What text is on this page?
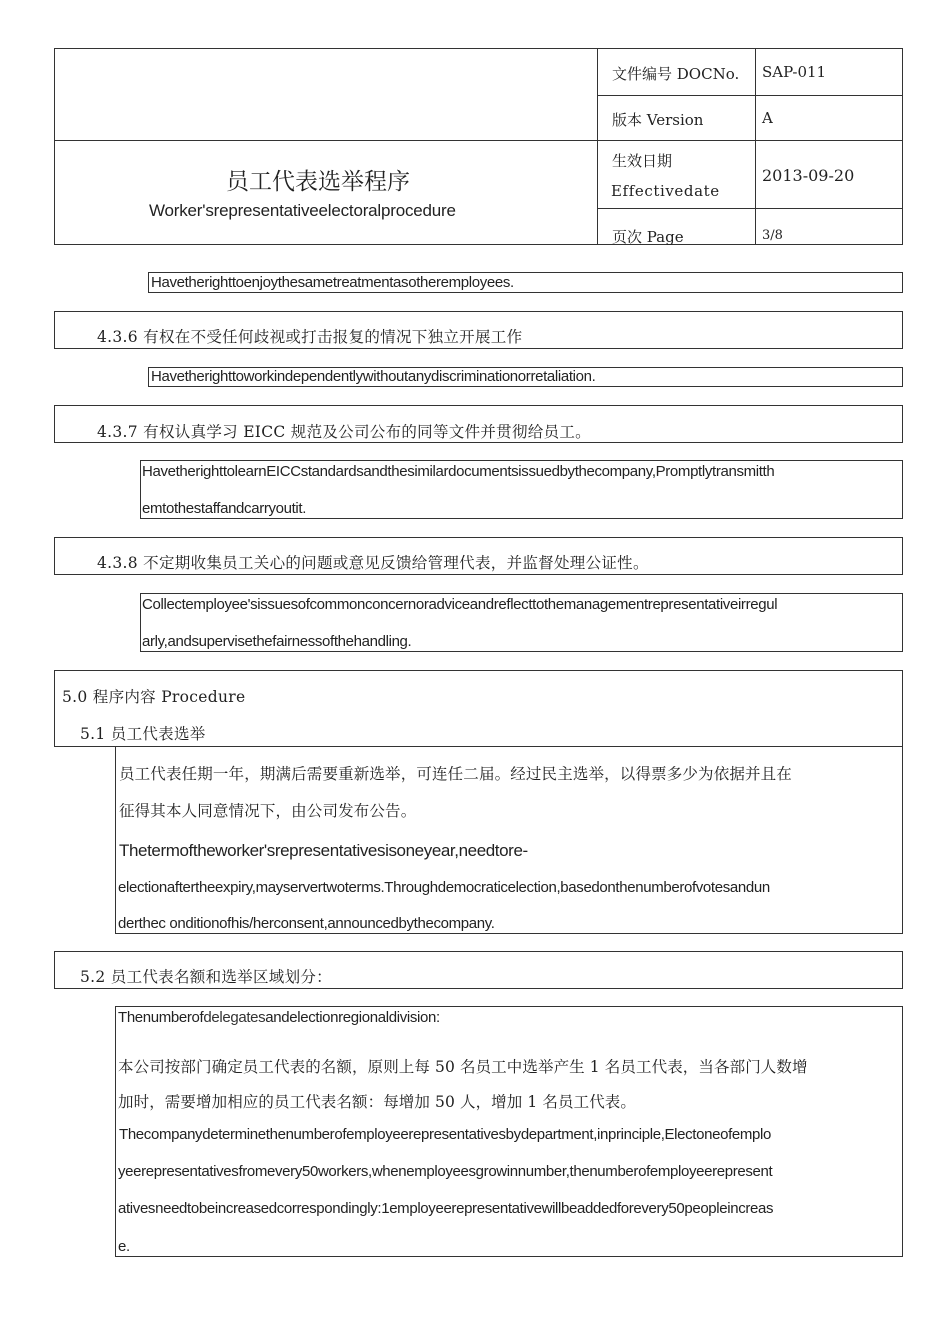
文件编号 DOCNo. SAP-011
版本 Version	A
生效日期
Effectivedate
2013-09-20
页次 Page	3/8
员工代表选举程序
Worker'srepresentativeelectoralprocedure
Havetherighttoenjoythesametreatmentasotheremployees.
4.3.6 有权在不受任何歧视或打击报复的情况下独立开展工作
Havetherighttoworkindependentlywithoutanydiscriminationorretaliation.
4.3.7 有权认真学习 EICC 规范及公司公布的同等文件并贯彻给员工。
HavetherighttolearnEICCstandardsandthesimilardocumentsissuedbythecompany,Promptlytransmitth
emtothestaffandcarryoutit.
4.3.8 不定期收集员工关心的问题或意见反馈给管理代表，并监督处理公证性。
Collectemployee'sissuesofcommonconcernoradviceandreflecttothemanagementrepresentativeirregul
arly,andsupervisethefairnessofthehandling.
5.0 程序内容 Procedure
5.1 员工代表选举
员工代表任期一年，期满后需要重新选举，可连任二届。经过民主选举，以得票多少为依据并且在
征得其本人同意情况下，由公司发布公告。
Thetermoftheworker'srepresentativesisoneyear,needtore-
electionaftertheexpiry,mayservertwoterms.Throughdemocraticelection,basedonthenumberofvotesandun
derthec onditionofhis/herconsent,announcedbythecompany.
5.2 员工代表名额和选举区域划分：
Thenumberofdelegatesandelectionregionaldivision:
本公司按部门确定员工代表的名额，原则上每 50 名员工中选举产生 1 名员工代表，当各部门人数增
加时，需要增加相应的员工代表名额：每增加 50 人，增加 1 名员工代表。
Thecompanydeterminethenumberofemployeerepresentativesbydepartment,inprinciple,Electoneofemplo
yeerepresentativesfromevery50workers,whenemployeesgrowinnumber,thenumberofemployeerepresent
ativesneedtobeincreasedcorrespondingly:1employeerepresentativewillbeaddedforevery50peopleincreas
e.
